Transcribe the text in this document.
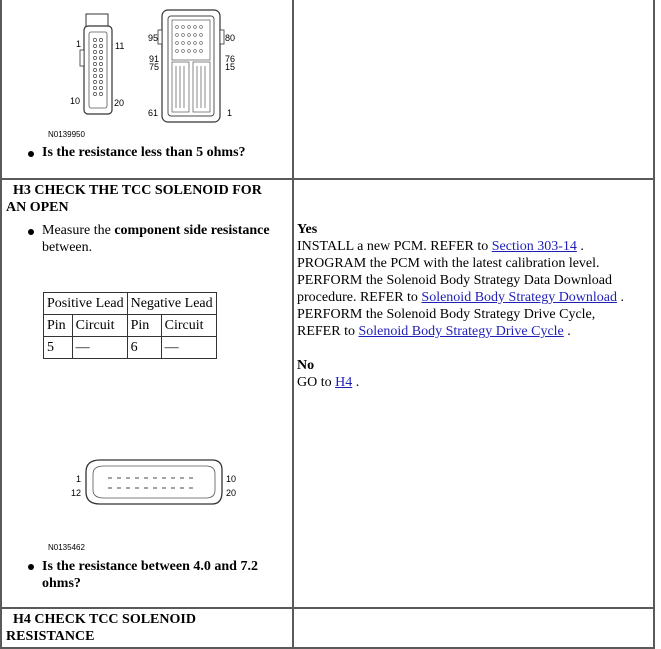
1	11
10	20
95	80
91
75
76
15
61	1
N0139950
Is the resistance less than 5 ohms?
H3 CHECK THE TCC SOLENOID FOR
AN OPEN
Measure the component side resistance
between.
Positive Lead		Negative Lead	
Pin	Circuit	Pin	Circuit
5	—	6	—
1
12
10
20
N0135462
Is the resistance between 4.0 and 7.2
ohms?

Yes

INSTALL a new PCM. REFER to Section 303-14 .

PROGRAM the PCM with the latest calibration level.

PERFORM the Solenoid Body Strategy Data Download

procedure. REFER to Solenoid Body Strategy Download .

PERFORM the Solenoid Body Strategy Drive Cycle,

REFER to Solenoid Body Strategy Drive Cycle .

No

GO to H4 .

H4 CHECK TCC SOLENOID
RESISTANCE
